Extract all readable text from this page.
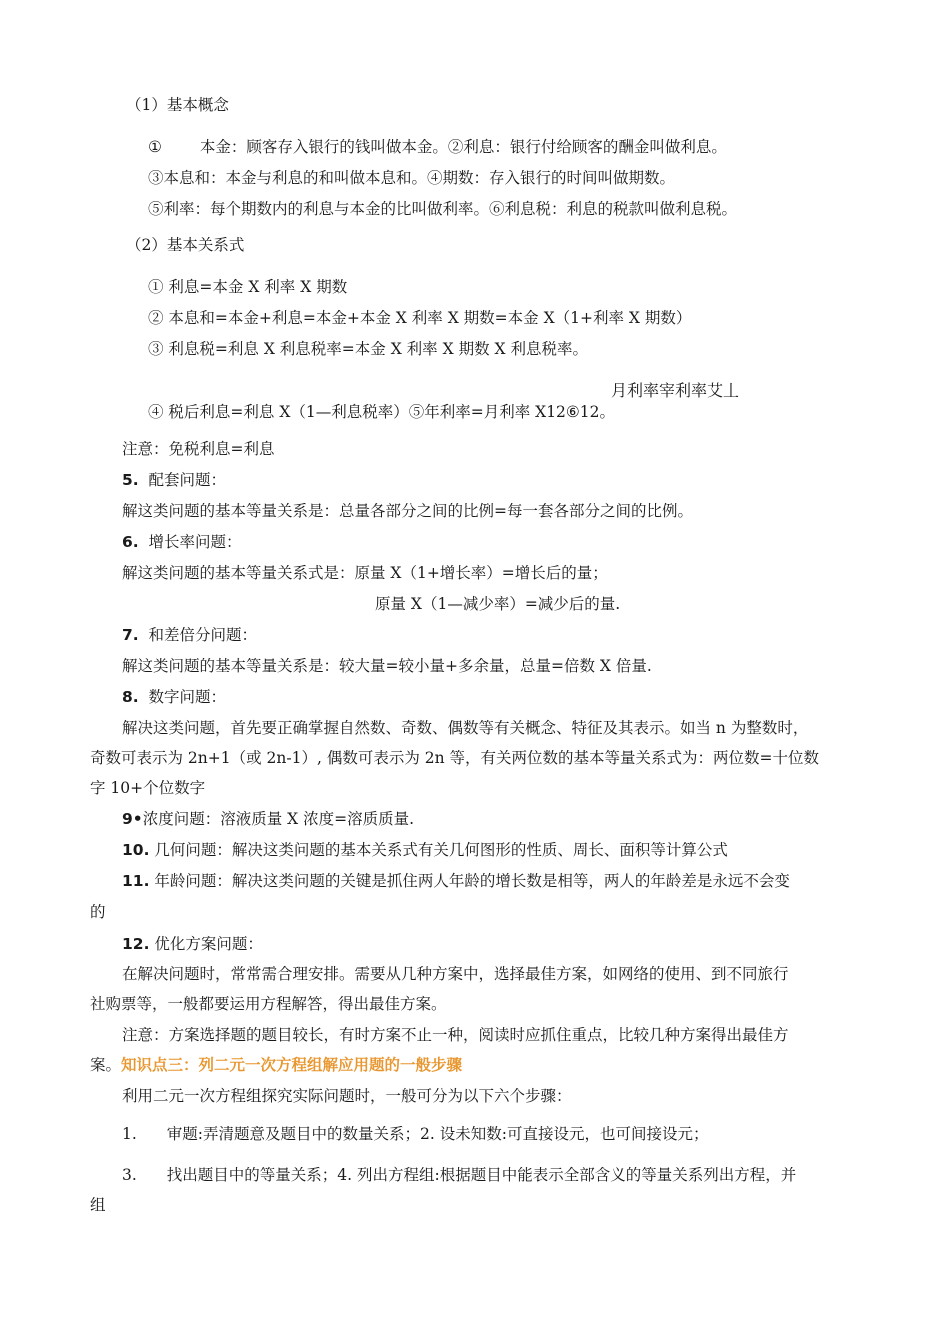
（1）基本概念
① 本金：顾客存入银行的钱叫做本金。②利息：银行付给顾客的酬金叫做利息。
③本息和：本金与利息的和叫做本息和。④期数：存入银行的时间叫做期数。
⑤利率：每个期数内的利息与本金的比叫做利率。⑥利息税：利息的税款叫做利息税。
（2）基本关系式
① 利息=本金 X 利率 X 期数
② 本息和=本金+利息=本金+本金 X 利率 X 期数=本金 X（1+利率 X 期数）
③ 利息税=利息 X 利息税率=本金 X 利率 X 期数 X 利息税率。
月利率宰利率艾丄
④ 税后利息=利息 X（1—利息税率）⑤年利率=月利率 X12⑥12。
注意：免税利息=利息
5. 配套问题：
解这类问题的基本等量关系是：总量各部分之间的比例=每一套各部分之间的比例。
6. 增长率问题：
解这类问题的基本等量关系式是：原量 X（1+增长率）=增长后的量；
原量 X（1—减少率）=减少后的量.
7. 和差倍分问题：
解这类问题的基本等量关系是：较大量=较小量+多余量，总量=倍数 X 倍量.
8. 数字问题：
解决这类问题，首先要正确掌握自然数、奇数、偶数等有关概念、特征及其表示。如当 n 为整数时，
奇数可表示为 2n+1（或 2n-1）, 偶数可表示为 2n 等，有关两位数的基本等量关系式为：两位数=十位数
字 10+个位数字
9•浓度问题：溶液质量 X 浓度=溶质质量.
10. 几何问题：解决这类问题的基本关系式有关几何图形的性质、周长、面积等计算公式
11. 年龄问题：解决这类问题的关键是抓住两人年龄的增长数是相等，两人的年龄差是永远不会变
的
12. 优化方案问题：
在解决问题时，常常需合理安排。需要从几种方案中，选择最佳方案，如网络的使用、到不同旅行
社购票等，一般都要运用方程解答，得出最佳方案。
注意：方案选择题的题目较长，有时方案不止一种，阅读时应抓住重点，比较几种方案得出最佳方
案。知识点三：列二元一次方程组解应用题的一般步骤
利用二元一次方程组探究实际问题时，一般可分为以下六个步骤：
1. 审题:弄清题意及题目中的数量关系；2. 设未知数:可直接设元，也可间接设元；
3. 找出题目中的等量关系；4. 列出方程组:根据题目中能表示全部含义的等量关系列出方程，并
组
